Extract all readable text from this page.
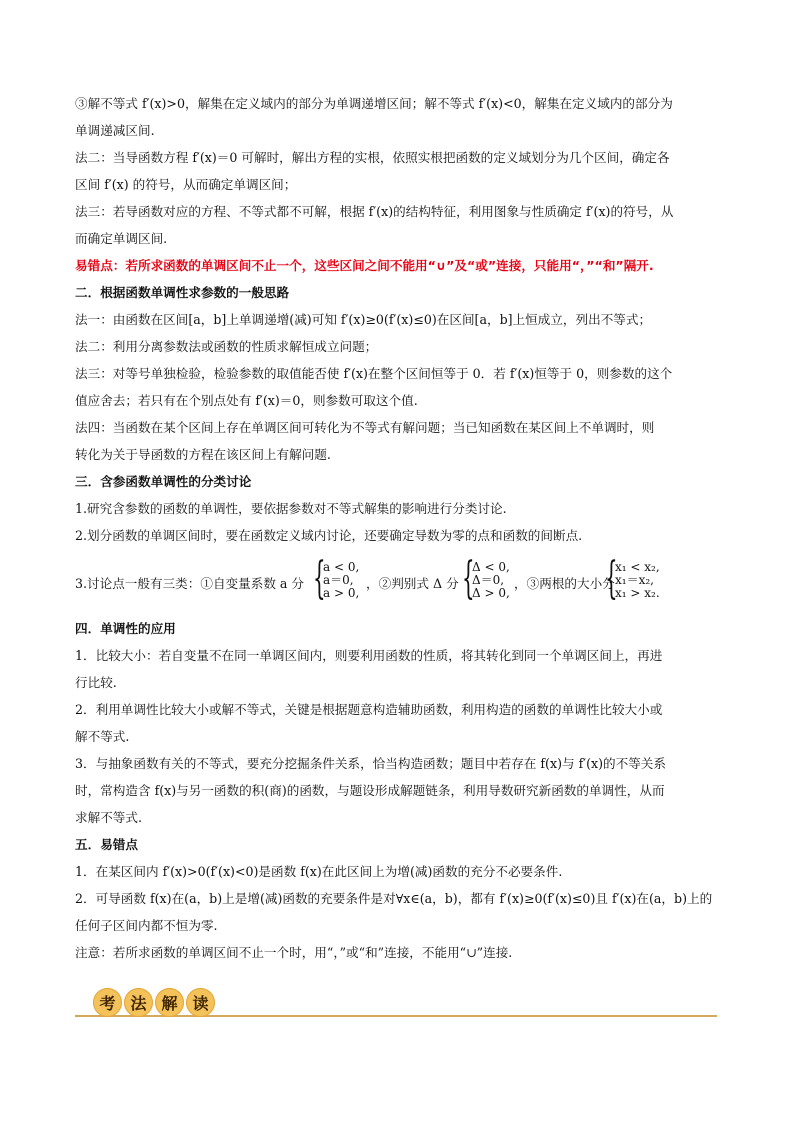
③解不等式 f′(x)>0，解集在定义域内的部分为单调递增区间；解不等式 f′(x)<0，解集在定义域内的部分为
单调递减区间.
法二：当导函数方程 f′(x)＝0 可解时，解出方程的实根，依照实根把函数的定义域划分为几个区间，确定各
区间 f′(x) 的符号，从而确定单调区间；
法三：若导函数对应的方程、不等式都不可解，根据 f′(x)的结构特征，利用图象与性质确定 f′(x)的符号，从
而确定单调区间.
易错点：若所求函数的单调区间不止一个，这些区间之间不能用“∪”及“或”连接，只能用“，”“和”隔开.
二．根据函数单调性求参数的一般思路
法一：由函数在区间[a，b]上单调递增(减)可知 f′(x)≥0(f′(x)≤0)在区间[a，b]上恒成立，列出不等式；
法二：利用分离参数法或函数的性质求解恒成立问题；
法三：对等号单独检验，检验参数的取值能否使 f′(x)在整个区间恒等于 0．若 f′(x)恒等于 0，则参数的这个
值应舍去；若只有在个别点处有 f′(x)＝0，则参数可取这个值.
法四：当函数在某个区间上存在单调区间可转化为不等式有解问题；当已知函数在某区间上不单调时，则
转化为关于导函数的方程在该区间上有解问题.
三．含参函数单调性的分类讨论
1.研究含参数的函数的单调性，要依据参数对不等式解集的影响进行分类讨论.
2.划分函数的单调区间时，要在函数定义域内讨论，还要确定导数为零的点和函数的间断点.
3.讨论点一般有三类：①自变量系数 a 分 {
a < 0,
a＝0,
a > 0,
，②判别式 Δ 分 {
Δ < 0,
Δ＝0,
Δ > 0,
，③两根的大小分
{
x₁ < x₂,
x₁＝x₂,
x₁ > x₂.
四．单调性的应用
1．比较大小：若自变量不在同一单调区间内，则要利用函数的性质，将其转化到同一个单调区间上，再进
行比较.
2．利用单调性比较大小或解不等式，关键是根据题意构造辅助函数，利用构造的函数的单调性比较大小或
解不等式.
3．与抽象函数有关的不等式，要充分挖掘条件关系，恰当构造函数；题目中若存在 f(x)与 f′(x)的不等关系
时，常构造含 f(x)与另一函数的积(商)的函数，与题设形成解题链条，利用导数研究新函数的单调性，从而
求解不等式.
五．易错点
1．在某区间内 f′(x)>0(f′(x)<0)是函数 f(x)在此区间上为增(减)函数的充分不必要条件.
2．可导函数 f(x)在(a，b)上是增(减)函数的充要条件是对∀x∈(a，b)，都有 f′(x)≥0(f′(x)≤0)且 f′(x)在(a，b)上的
任何子区间内都不恒为零.
注意：若所求函数的单调区间不止一个时，用“，”或“和”连接，不能用“∪”连接.
考 法 解 读
